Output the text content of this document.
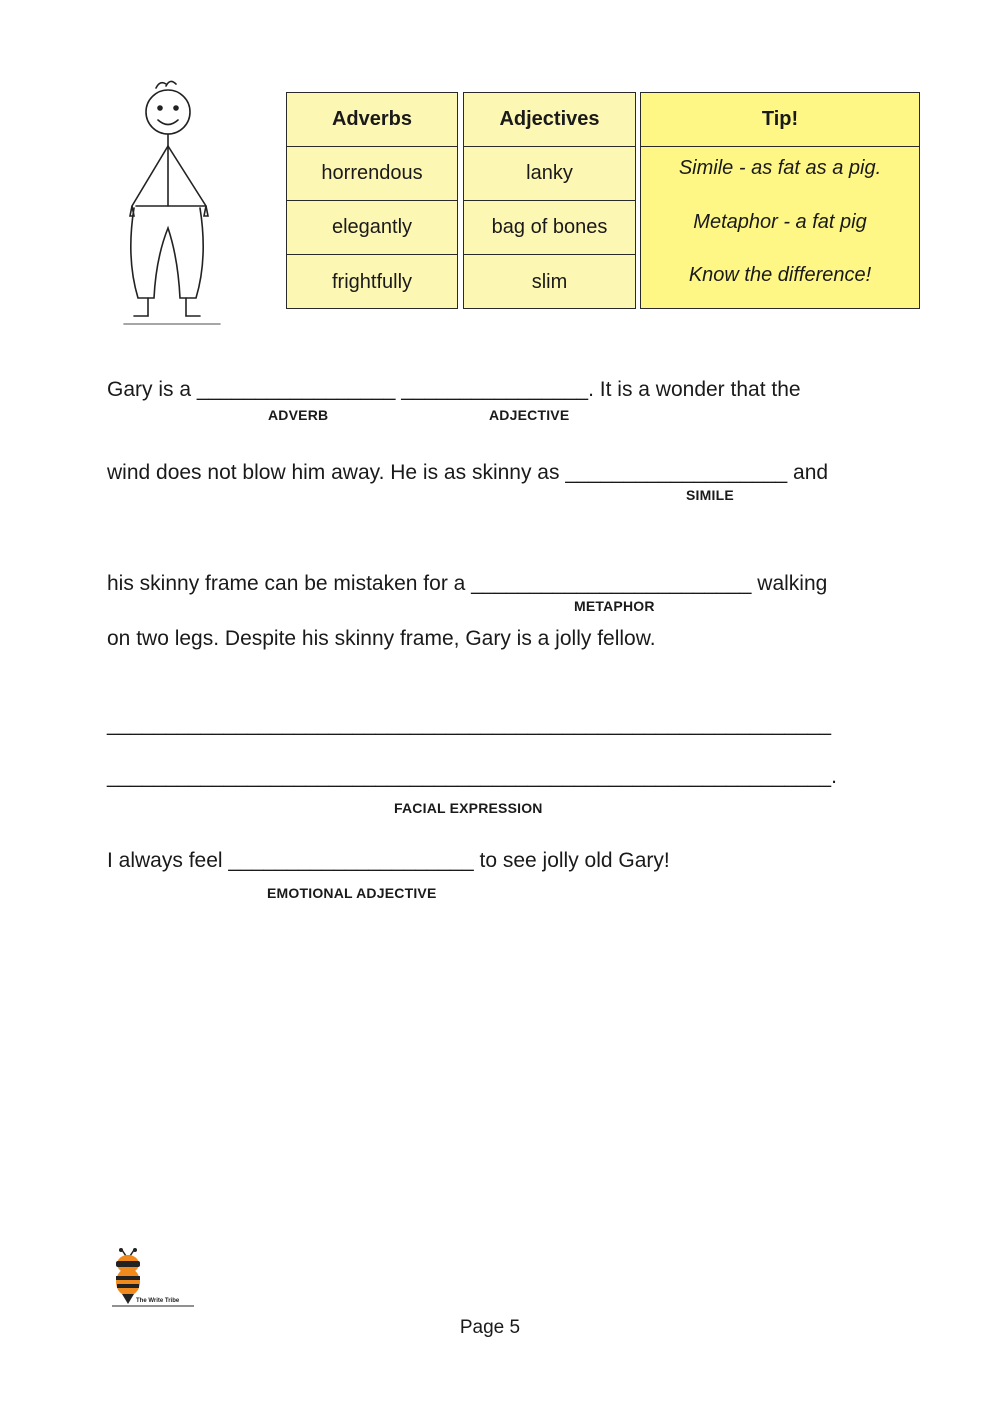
Adverbs
horrendous
elegantly
frightfully
Adjectives
lanky
bag of bones
slim
Tip!
Simile - as fat as a pig.
Metaphor - a fat pig
Know the difference!
Gary is a _________________ ________________. It is a wonder that the
ADVERB	ADJECTIVE
wind does not blow him away. He is as skinny as ___________________ and
SIMILE
his skinny frame can be mistaken for a ________________________ walking
METAPHOR
on two legs. Despite his skinny frame, Gary is a jolly fellow.
______________________________________________________________
______________________________________________________________.
FACIAL EXPRESSION
I always feel _____________________ to see jolly old Gary!
EMOTIONAL ADJECTIVE
The Write Tribe
Page 5
